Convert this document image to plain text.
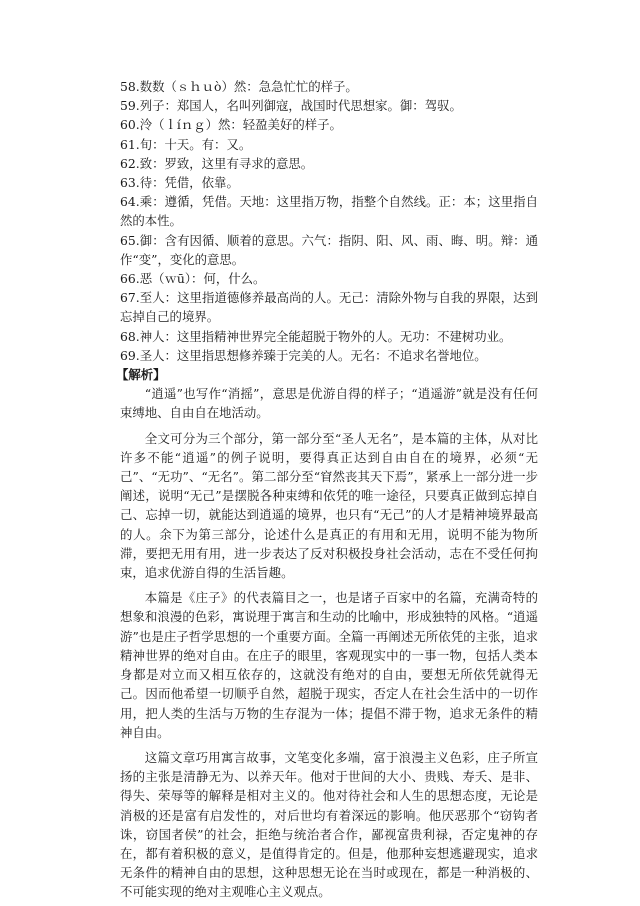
58.数数（ｓｈｕò）然：急急忙忙的样子。

59.列子：郑国人，名叫列御寇，战国时代思想家。御：驾驭。

60.泠（ｌíｎｇ）然：轻盈美好的样子。

61.旬：十天。有：又。

62.致：罗致，这里有寻求的意思。

63.待：凭借，依靠。

64.乘：遵循，凭借。天地：这里指万物，指整个自然线。正：本；这里指自然的本性。

65.御：含有因循、顺着的意思。六气：指阴、阳、风、雨、晦、明。辩：通作“变”，变化的意思。

66.恶（ｗū）：何，什么。

67.至人：这里指道德修养最高尚的人。无己：清除外物与自我的界限，达到忘掉自己的境界。

68.神人：这里指精神世界完全能超脱于物外的人。无功：不建树功业。

69.圣人：这里指思想修养臻于完美的人。无名：不追求名誉地位。

【解析】

“逍遥”也写作“消摇”，意思是优游自得的样子；“逍遥游”就是没有任何束缚地、自由自在地活动。

全文可分为三个部分，第一部分至“圣人无名”，是本篇的主体，从对比许多不能“逍遥”的例子说明，要得真正达到自由自在的境界，必须“无己”、“无功”、“无名”。第二部分至“窅然丧其天下焉”，紧承上一部分进一步阐述，说明“无己”是摆脱各种束缚和依凭的唯一途径，只要真正做到忘掉自己、忘掉一切，就能达到逍遥的境界，也只有“无己”的人才是精神境界最高的人。余下为第三部分，论述什么是真正的有用和无用，说明不能为物所滞，要把无用有用，进一步表达了反对积极投身社会活动，志在不受任何拘束，追求优游自得的生活旨趣。

本篇是《庄子》的代表篇目之一，也是诸子百家中的名篇，充满奇特的想象和浪漫的色彩，寓说理于寓言和生动的比喻中，形成独特的风格。“逍遥游”也是庄子哲学思想的一个重要方面。全篇一再阐述无所依凭的主张，追求精神世界的绝对自由。在庄子的眼里，客观现实中的一事一物，包括人类本身都是对立而又相互依存的，这就没有绝对的自由，要想无所依凭就得无己。因而他希望一切顺乎自然，超脱于现实，否定人在社会生活中的一切作用，把人类的生活与万物的生存混为一体；提倡不滞于物，追求无条件的精神自由。

这篇文章巧用寓言故事，文笔变化多端，富于浪漫主义色彩，庄子所宣扬的主张是清静无为、以养天年。他对于世间的大小、贵贱、寿夭、是非、得失、荣辱等的解释是相对主义的。他对待社会和人生的思想态度，无论是消极的还是富有启发性的，对后世均有着深远的影响。他厌恶那个“窃钩者诛，窃国者侯”的社会，拒绝与统治者合作，鄙视富贵利禄，否定鬼神的存在，都有着积极的意义，是值得肯定的。但是，他那种妄想逃避现实，追求无条件的精神自由的思想，这种思想无论在当时或现在，都是一种消极的、不可能实现的绝对主观唯心主义观点。
